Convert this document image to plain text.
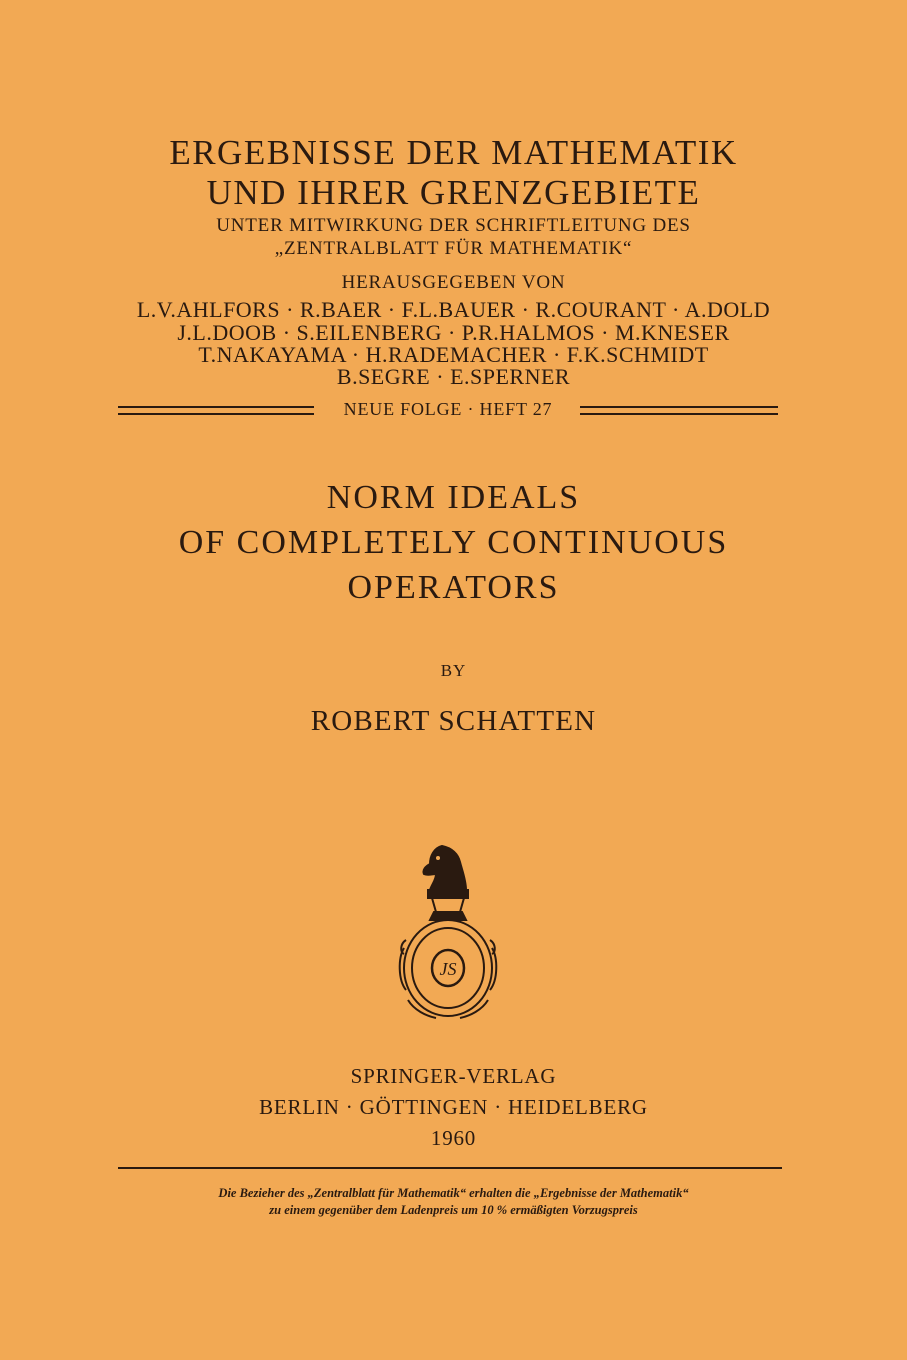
ERGEBNISSE DER MATHEMATIK
UND IHRER GRENZGEBIETE
UNTER MITWIRKUNG DER SCHRIFTLEITUNG DES
„ZENTRALBLATT FÜR MATHEMATIK“
HERAUSGEGEBEN VON
L.V.AHLFORS · R.BAER · F.L.BAUER · R.COURANT · A.DOLD
J.L.DOOB · S.EILENBERG · P.R.HALMOS · M.KNESER
T.NAKAYAMA · H.RADEMACHER · F.K.SCHMIDT
B.SEGRE · E.SPERNER
NEUE FOLGE · HEFT 27
NORM IDEALS
OF COMPLETELY CONTINUOUS
OPERATORS
BY
ROBERT SCHATTEN
JS
SPRINGER-VERLAG
BERLIN · GÖTTINGEN · HEIDELBERG
1960
Die Bezieher des „Zentralblatt für Mathematik“ erhalten die „Ergebnisse der Mathematik“
zu einem gegenüber dem Ladenpreis um 10 % ermäßigten Vorzugspreis
